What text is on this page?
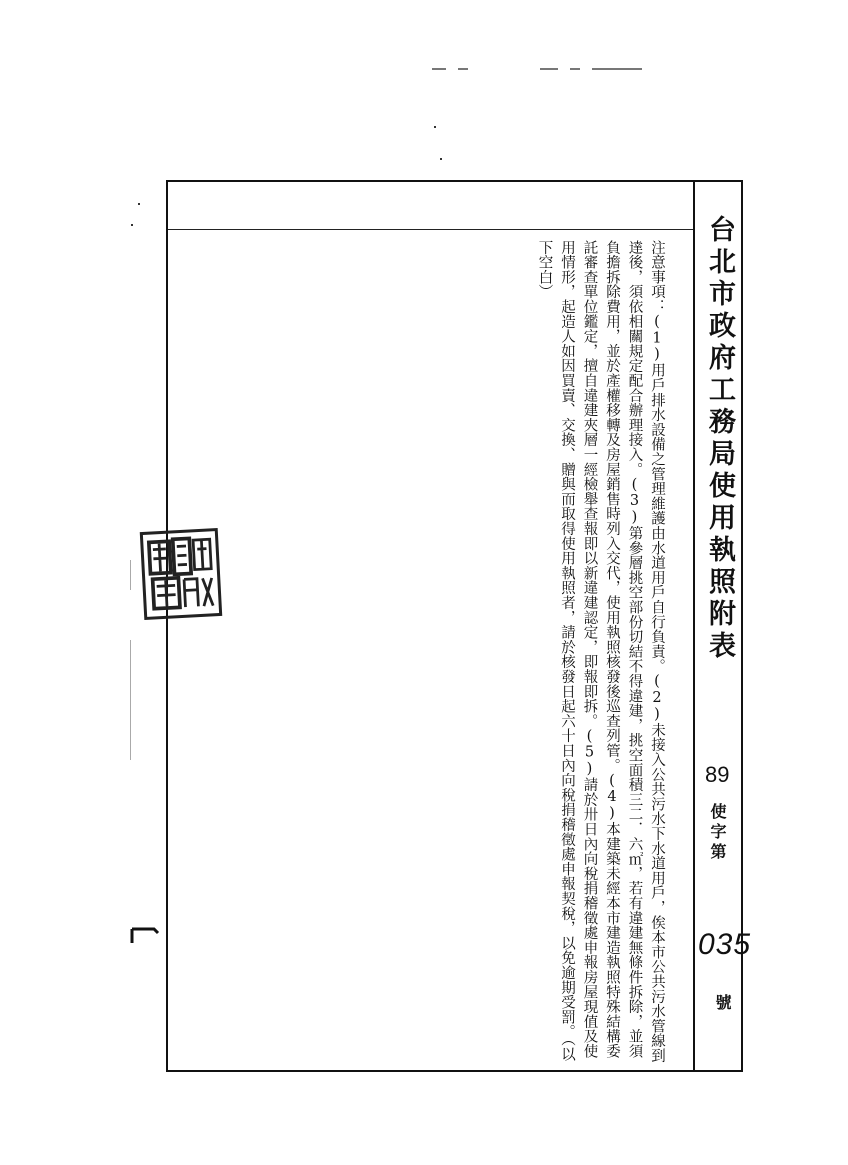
台北市政府工務局使用執照附表
89
使字第
035
號
注意事項：(1)用戶排水設備之管理維護由水道用戶自行負責。(2)未接入公共污水下水道用戶，俟本市公共污水管線到達後，須依相關規定配合辦理接入。(3)第參層挑空部份切結不得違建，挑空面積三二．六㎡，若有違建無條件拆除，並須負擔拆除費用，並於產權移轉及房屋銷售時列入交代，使用執照核發後巡查列管。(4)本建築未經本市建造執照特殊結構委託審查單位鑑定，擅自違建夾層一經檢舉查報即以新違建認定，即報即拆。(5)請於卅日內向稅捐稽徵處申報房屋現值及使用情形，起造人如因買賣、交換、贈與而取得使用執照者，請於核發日起六十日內向稅捐稽徵處申報契稅，以免逾期受罰。（以下空白）
